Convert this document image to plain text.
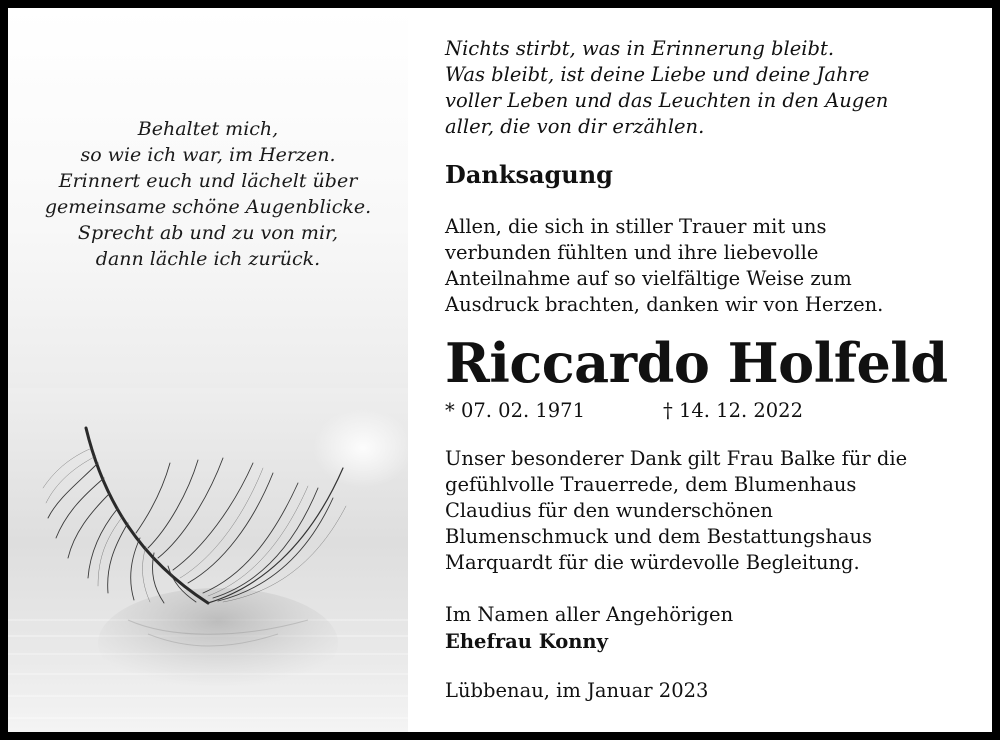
Behaltet mich,
so wie ich war, im Herzen.
Erinnert euch und lächelt über
gemeinsame schöne Augenblicke.
Sprecht ab und zu von mir,
dann lächle ich zurück.
Nichts stirbt, was in Erinnerung bleibt.
Was bleibt, ist deine Liebe und deine Jahre
voller Leben und das Leuchten in den Augen
aller, die von dir erzählen.
Danksagung
Allen, die sich in stiller Trauer mit uns
verbunden fühlten und ihre liebevolle
Anteilnahme auf so vielfältige Weise zum
Ausdruck brachten, danken wir von Herzen.
Riccardo Holfeld
* 07. 02. 1971	† 14. 12. 2022
Unser besonderer Dank gilt Frau Balke für die
gefühlvolle Trauerrede, dem Blumenhaus
Claudius für den wunderschönen
Blumenschmuck und dem Bestattungshaus
Marquardt für die würdevolle Begleitung.
Im Namen aller Angehörigen
Ehefrau Konny
Lübbenau, im Januar 2023
